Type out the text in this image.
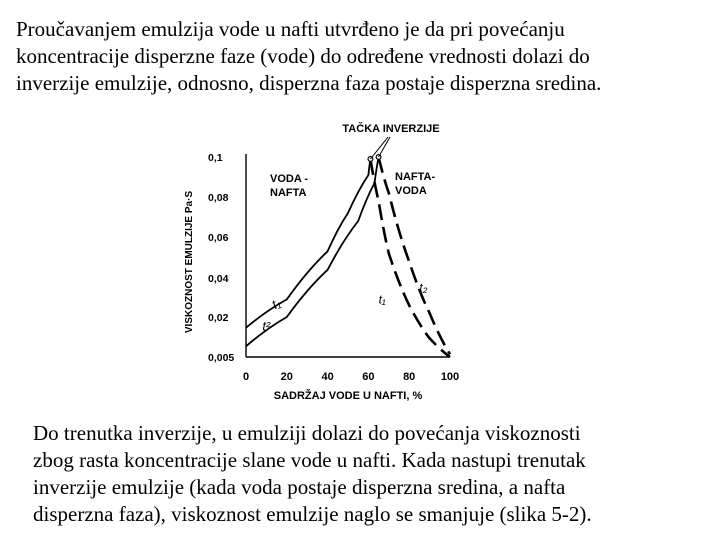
Proučavanjem emulzija vode u nafti utvrđeno je da pri povećanju
koncentracije disperzne faze (vode) do određene vrednosti dolazi do
inverzije emulzije, odnosno, disperzna faza postaje disperzna sredina.
0	20	40	60	80 100
0,005
0,02
0,04
0,06
0,08
0,1
SADRŽAJ VODE U NAFTI, %
VISKOZNOST EMULZIJE Pa·S
TAČKA INVERZIJE
VODA -
NAFTA
NAFTA-
VODA
t₁
t²
t₁
t₂
Do trenutka inverzije, u emulziji dolazi do povećanja viskoznosti
zbog rasta koncentracije slane vode u nafti. Kada nastupi trenutak
inverzije emulzije (kada voda postaje disperzna sredina, a nafta
disperzna faza), viskoznost emulzije naglo se smanjuje (slika 5-2).
